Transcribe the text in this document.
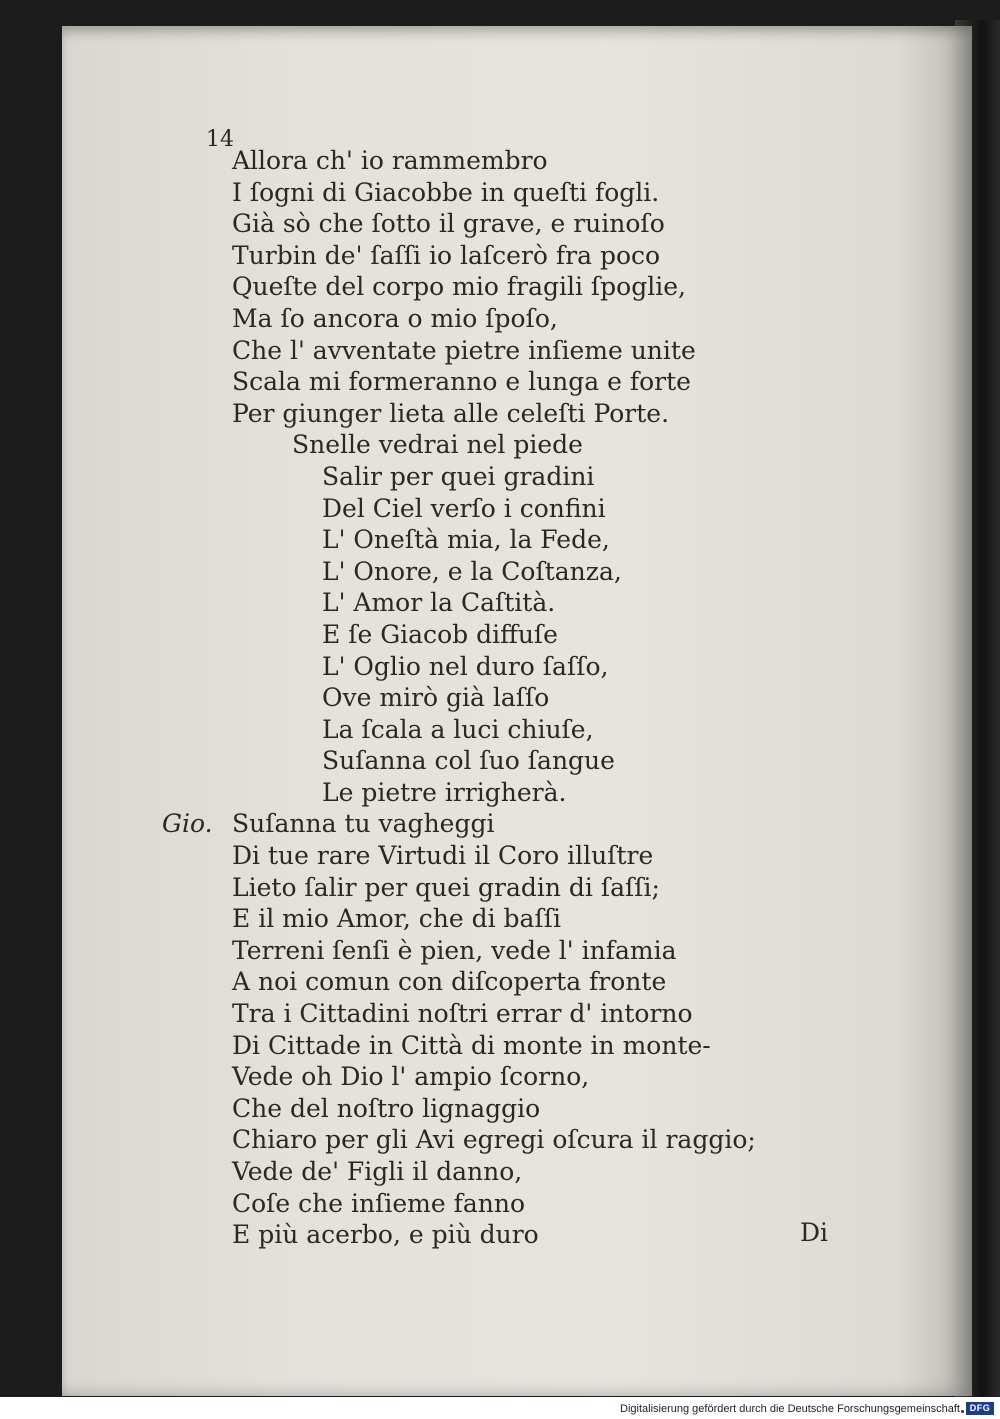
14
Allora ch' io rammembro
I ſogni di Giacobbe in queſti fogli.
Già sò che ſotto il grave, e ruinoſo
Turbin de' ſaſſi io laſcerò fra poco
Queſte del corpo mio fragili ſpoglie,
Ma ſo ancora o mio ſpoſo,
Che l' avventate pietre inſieme unite
Scala mi formeranno e lunga e forte
Per giunger lieta alle celeſti Porte.
Snelle vedrai nel piede
Salir per quei gradini
Del Ciel verſo i confini
L' Oneſtà mia, la Fede,
L' Onore, e la Coſtanza,
L' Amor la Caſtità.
E ſe Giacob diffuſe
L' Oglio nel duro ſaſſo,
Ove mirò già laſſo
La ſcala a luci chiuſe,
Suſanna col ſuo ſangue
Le pietre irrigherà.
Gio. Suſanna tu vagheggi
Di tue rare Virtudi il Coro illuſtre
Lieto ſalir per quei gradin di ſaſſi;
E il mio Amor, che di baſſi
Terreni ſenſi è pien, vede l' infamia
A noi comun con diſcoperta fronte
Tra i Cittadini noſtri errar d' intorno
Di Cittade in Città di monte in monte-
Vede oh Dio l' ampio ſcorno,
Che del noſtro lignaggio
Chiaro per gli Avi egregi oſcura il raggio;
Vede de' Figli il danno,
Coſe che inſieme fanno
E più acerbo, e più duro	Di
Digitalisierung gefördert durch die Deutsche Forschungsgemeinschaft	DFG
